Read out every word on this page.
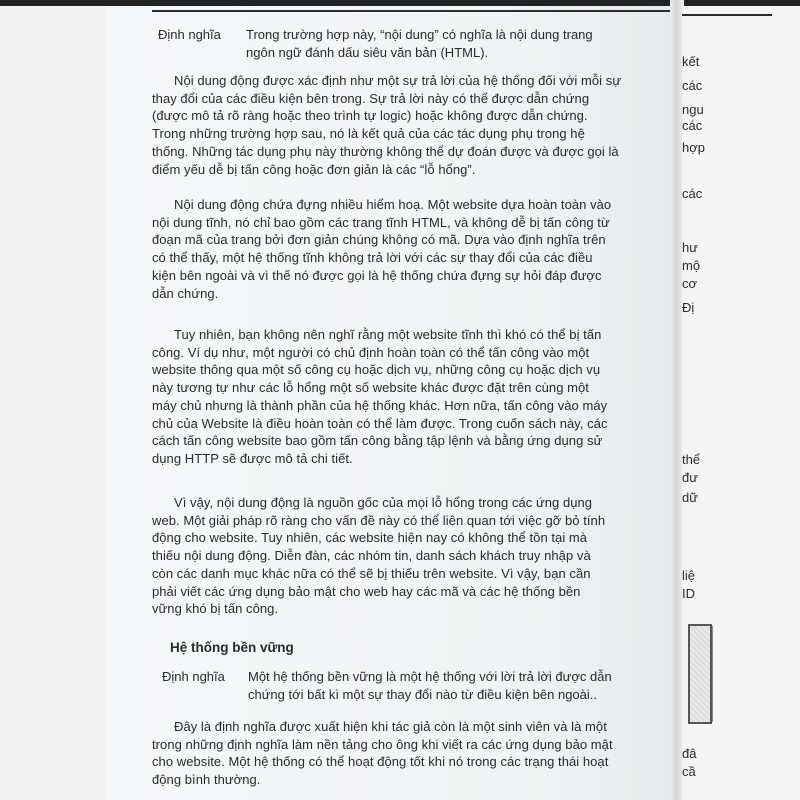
Định nghĩa	Trong trường hợp này, “nội dung” có nghĩa là nội dung trang
ngôn ngữ đánh dấu siêu văn bản (HTML).
Nội dung động được xác định như một sự trả lời của hệ thống đối với mỗi sự
thay đổi của các điều kiện bên trong. Sự trả lời này có thể được dẫn chứng
(được mô tả rõ ràng hoặc theo trình tự logic) hoặc không được dẫn chứng.
Trong những trường hợp sau, nó là kết quả của các tác dụng phụ trong hệ
thống. Những tác dụng phụ này thường không thể dự đoán được và được gọi là
điểm yếu dễ bị tấn công hoặc đơn giản là các “lỗ hổng”.
Nội dung động chứa đựng nhiều hiểm hoạ. Một website dựa hoàn toàn vào
nội dung tĩnh, nó chỉ bao gồm các trang tĩnh HTML, và không dễ bị tấn công từ
đoạn mã của trang bởi đơn giản chúng không có mã. Dựa vào định nghĩa trên
có thể thấy, một hệ thống tĩnh không trả lời với các sự thay đổi của các điều
kiện bên ngoài và vì thế nó được gọi là hệ thống chứa đựng sự hỏi đáp được
dẫn chứng.
Tuy nhiên, bạn không nên nghĩ rằng một website tĩnh thì khó có thể bị tấn
công. Ví dụ như, một người có chủ định hoàn toàn có thể tấn công vào một
website thông qua một số công cụ hoặc dịch vụ, những công cụ hoặc dịch vụ
này tương tự như các lỗ hổng một số website khác được đặt trên cùng một
máy chủ nhưng là thành phần của hệ thống khác. Hơn nữa, tấn công vào máy
chủ của Website là điều hoàn toàn có thể làm được. Trong cuốn sách này, các
cách tấn công website bao gồm tấn công bằng tập lệnh và bằng ứng dụng sử
dụng HTTP sẽ được mô tả chi tiết.
Vì vậy, nội dung động là nguồn gốc của mọi lỗ hổng trong các ứng dụng
web. Một giải pháp rõ ràng cho vấn đề này có thể liên quan tới việc gỡ bỏ tính
động cho website. Tuy nhiên, các website hiện nay có không thể tồn tại mà
thiếu nội dung động. Diễn đàn, các nhóm tin, danh sách khách truy nhập và
còn các danh mục khác nữa có thể sẽ bị thiếu trên website. Vì vậy, bạn cần
phải viết các ứng dụng bảo mật cho web hay các mã và các hệ thống bền
vững khó bị tấn công.
Hệ thống bền vững
Định nghĩa	Một hệ thống bền vững là một hệ thống với lời trả lời được dẫn
chứng tới bất kì một sự thay đổi nào từ điều kiện bên ngoài..
Đây là định nghĩa được xuất hiện khi tác giả còn là một sinh viên và là một
trong những định nghĩa làm nền tảng cho ông khi viết ra các ứng dụng bảo mật
cho website. Một hệ thống có thể hoạt động tốt khi nó trong các trạng thái hoạt
động bình thường.
kết
các
ngu
các
hợp
các
hư
mộ
cơ
Đị
thể
đư
dữ
liệ
ID
đâ
cầ
